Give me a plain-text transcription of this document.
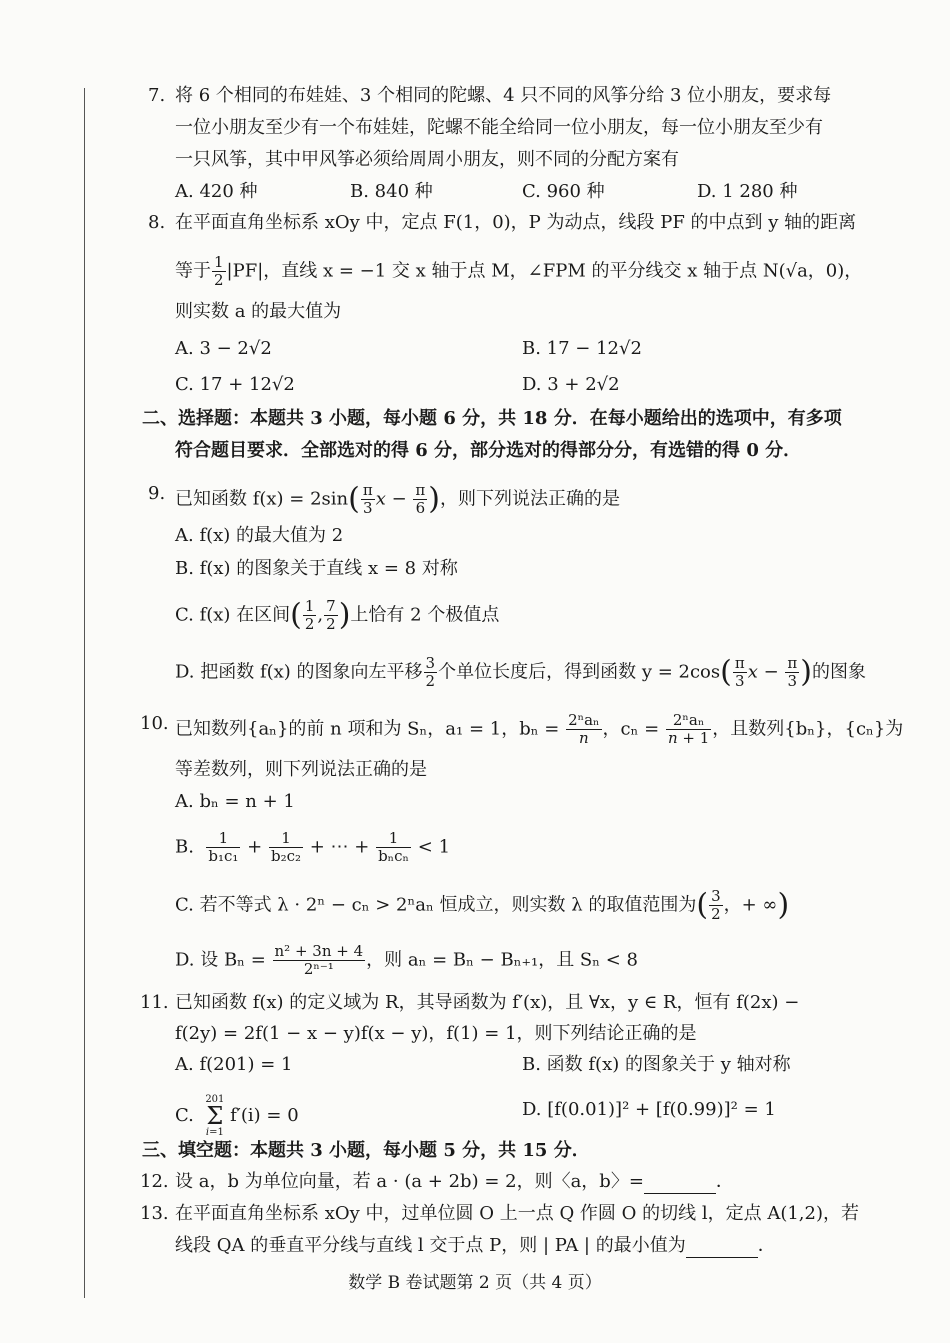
7. 将 6 个相同的布娃娃、3 个相同的陀螺、4 只不同的风筝分给 3 位小朋友，要求每
一位小朋友至少有一个布娃娃，陀螺不能全给同一位小朋友，每一位小朋友至少有
一只风筝，其中甲风筝必须给周周小朋友，则不同的分配方案有
A. 420 种	B. 840 种	C. 960 种	D. 1 280 种
8. 在平面直角坐标系 xOy 中，定点 F(1，0)，P 为动点，线段 PF 的中点到 y 轴的距离
等于 $\frac{1}{2} |PF|$，直线 x = −1 交 x 轴于点 M，∠FPM 的平分线交 x 轴于点 N(√a，0)，
则实数 a 的最大值为
A. 3 − 2√2	B. 17 − 12√2
C. 17 + 12√2	D. 3 + 2√2
二、选择题：本题共 3 小题，每小题 6 分，共 18 分．在每小题给出的选项中，有多项
符合题目要求．全部选对的得 6 分，部分选对的得部分分，有选错的得 0 分．
9. 已知函数 $f(x) = 2\sin( \frac{\pi}{3}$ $x - \frac{\pi}{6}$ )，则下列说法正确的是
A. f(x) 的最大值为 2
B. f(x) 的图象关于直线 x = 8 对称
C. f(x) 在区间( $\frac{1}{2}$ , $\frac{7}{2}$ )上恰有 2 个极值点
D. 把函数 f(x) 的图象向左平移 $\frac{3}{2}$ 个单位长度后，得到函数 $y = 2\cos( \frac{\pi}{3}$ $x - \frac{\pi}{3}$ )的图象
10. 已知数列{aₙ}的前 n 项和为 Sₙ，a₁ = 1，$b_n = \frac{\text{2ⁿaₙ}}{n}$ ，$c_n = \frac{\text{2ⁿaₙ}}{n + 1}$ ，且数列{bₙ}，{cₙ}为
等差数列，则下列说法正确的是
A. bₙ = n + 1
B. $\frac{1}{\text{b₁c₁}} + \frac{1}{\text{b₂c₂}}$ + ⋯ + $\frac{1}{\text{bₙcₙ}} < 1$
C. 若不等式 λ · 2ⁿ − cₙ > 2ⁿaₙ 恒成立，则实数 λ 的取值范围为( $\frac{3}{2}$ ，+ ∞)
D. 设 $B_n = \frac{\text{n² + 3n + 4}}{\text{2ⁿ⁻¹}}$ ，则 aₙ = Bₙ − Bₙ₊₁，且 Sₙ < 8
11. 已知函数 f(x) 的定义域为 R，其导函数为 f′(x)，且 ∀x，y ∈ R，恒有 f(2x) −
f(2y) = 2f(1 − x − y)f(x − y)，f(1) = 1，则下列结论正确的是
A. f(201) = 1	B. 函数 f(x) 的图象关于 y 轴对称
C.  201
Σ
i=1 f′(i) = 0	D. [f(0.01)]² + [f(0.99)]² = 1
三、填空题：本题共 3 小题，每小题 5 分，共 15 分．
12. 设 a，b 为单位向量，若 a · (a + 2b) = 2，则〈a，b〉=	．
13. 在平面直角坐标系 xOy 中，过单位圆 O 上一点 Q 作圆 O 的切线 l，定点 A(1,2)，若
线段 QA 的垂直平分线与直线 l 交于点 P，则 | PA | 的最小值为	．
数学 B 卷试题第 2 页（共 4 页）
